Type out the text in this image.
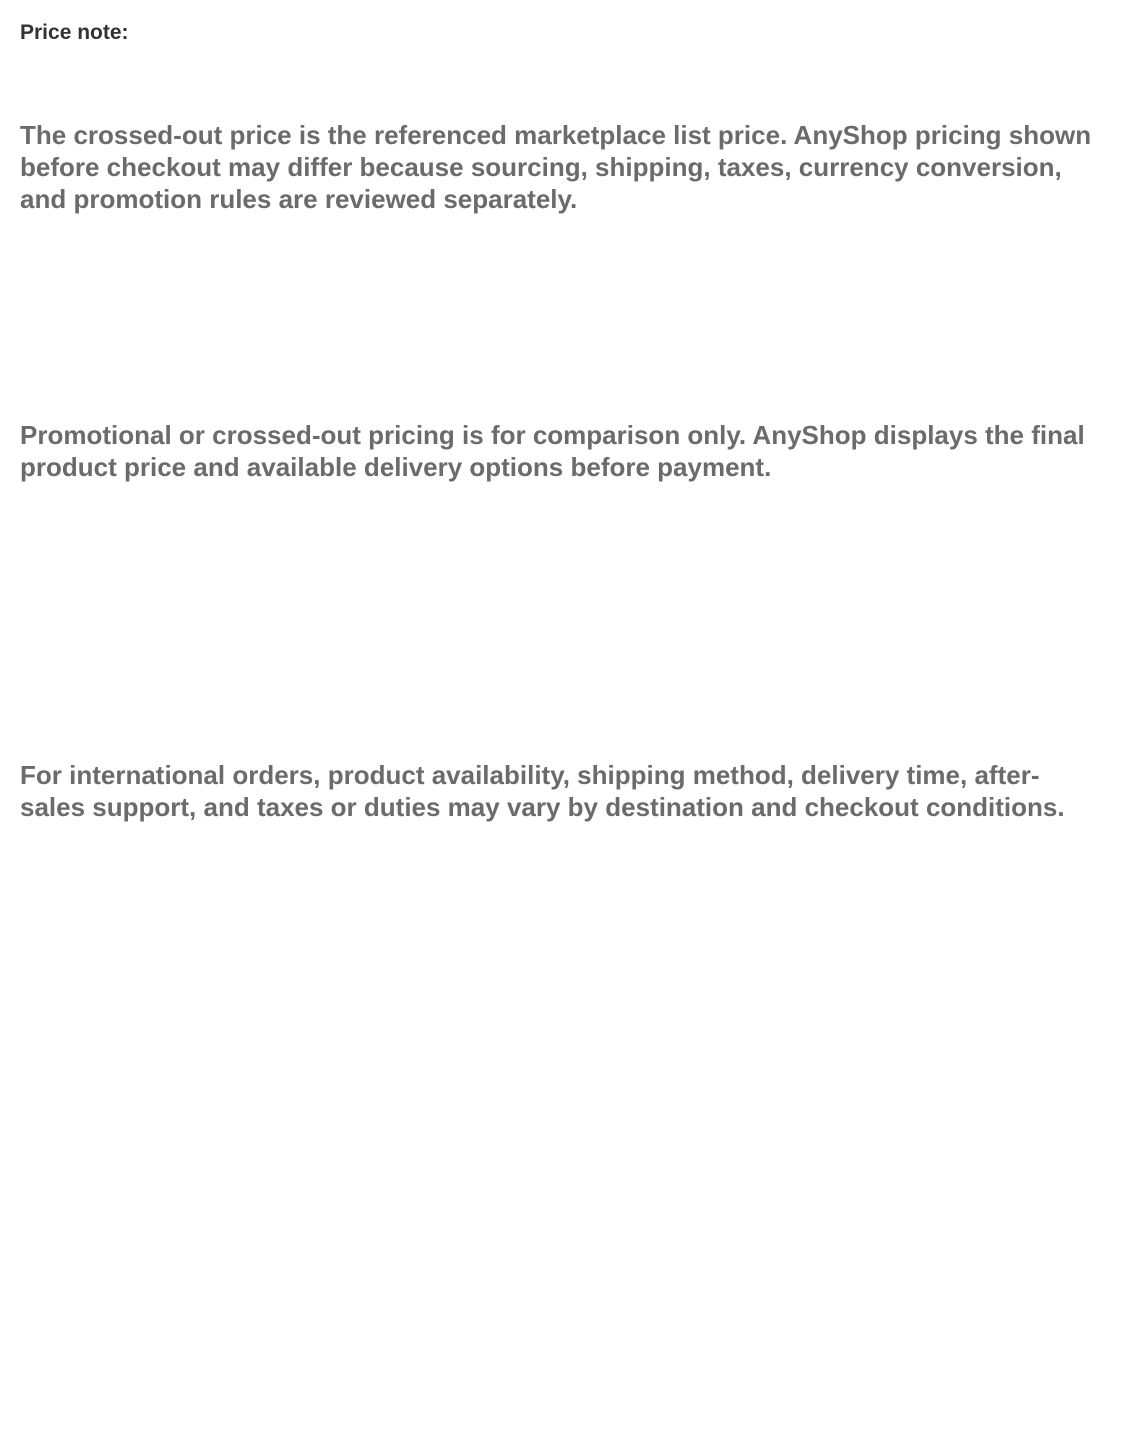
Price note:

The crossed-out price is the referenced marketplace list price. AnyShop pricing shown before checkout may differ because sourcing, shipping, taxes, currency conversion, and promotion rules are reviewed separately.

Promotional or crossed-out pricing is for comparison only. AnyShop displays the final product price and available delivery options before payment.

For international orders, product availability, shipping method, delivery time, after-sales support, and taxes or duties may vary by destination and checkout conditions.
